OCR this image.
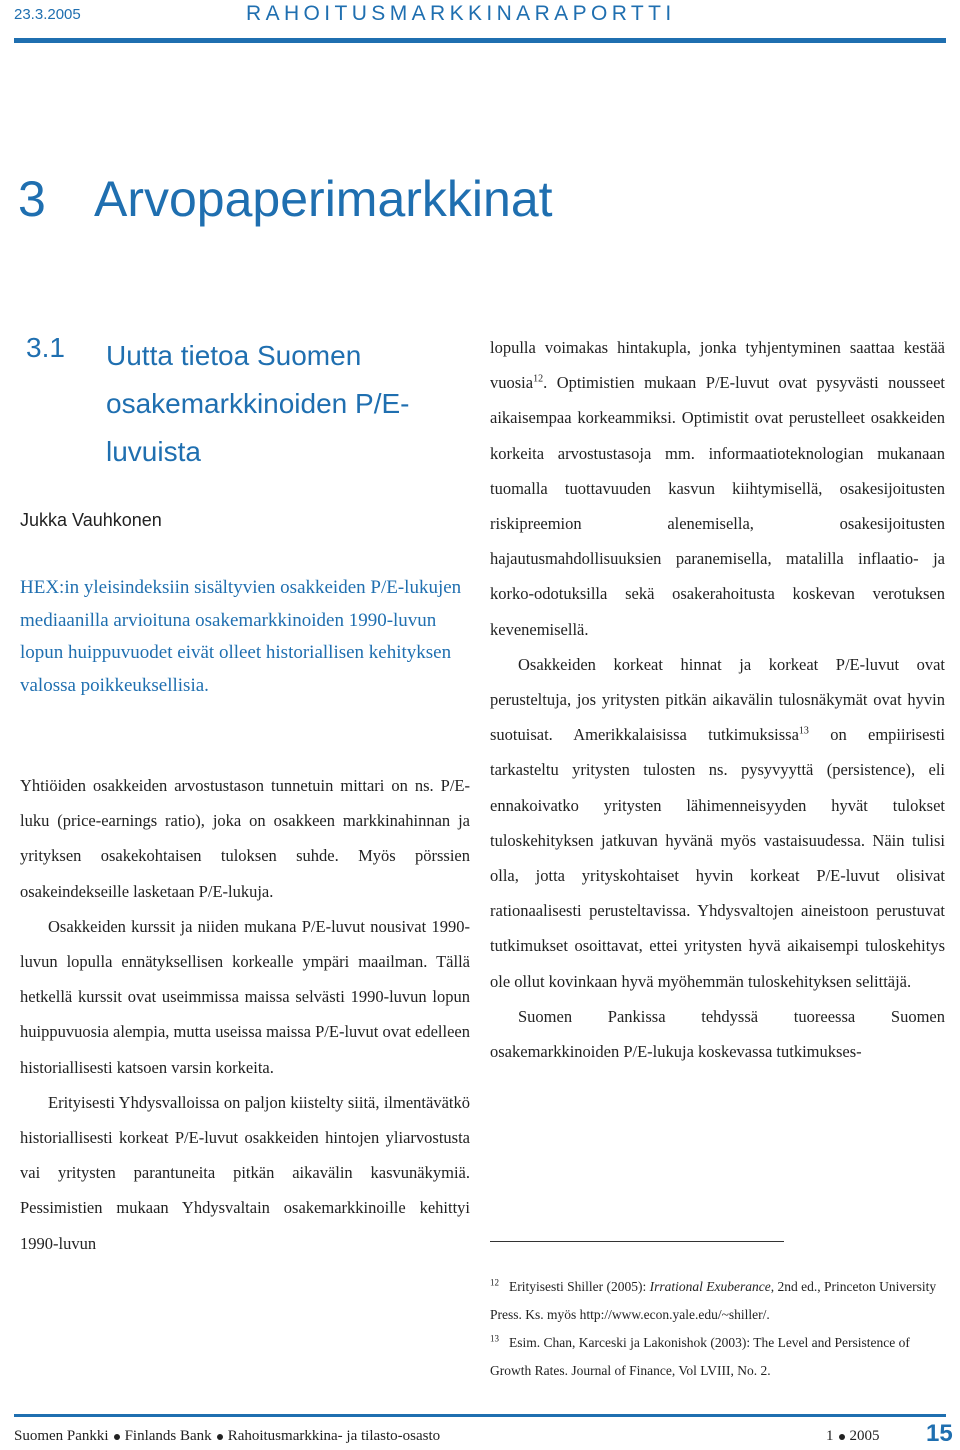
23.3.2005	RAHOITUSMARKKINARAPORTTI
3 Arvopaperimarkkinat
3.1 Uutta tietoa Suomen osakemarkkinoiden P/E-luvuista
Jukka Vauhkonen
HEX:in yleisindeksiin sisältyvien osakkeiden P/E-lukujen mediaanilla arvioituna osakemarkkinoiden 1990-luvun lopun huippuvuodet eivät olleet historiallisen kehityksen valossa poikkeuksellisia.

Yhtiöiden osakkeiden arvostustason tunnetuin mittari on ns. P/E-luku (price-earnings ratio), joka on osakkeen markkinahinnan ja yrityksen osakekohtaisen tuloksen suhde. Myös pörssien osakeindekseille lasketaan P/E-lukuja.

Osakkeiden kurssit ja niiden mukana P/E-luvut nousivat 1990-luvun lopulla ennätyksellisen korkealle ympäri maailman. Tällä hetkellä kurssit ovat useimmissa maissa selvästi 1990-luvun lopun huippuvuosia alempia, mutta useissa maissa P/E-luvut ovat edelleen historiallisesti katsoen varsin korkeita.

Erityisesti Yhdysvalloissa on paljon kiistelty siitä, ilmentävätkö historiallisesti korkeat P/E-luvut osakkeiden hintojen yliarvostusta vai yritysten parantuneita pitkän aikavälin kasvunäkymiä. Pessimistien mukaan Yhdysvaltain osakemarkkinoille kehittyi 1990-luvun

lopulla voimakas hintakupla, jonka tyhjentyminen saattaa kestää vuosia$^{12}$. Optimistien mukaan P/E-luvut ovat pysyvästi nousseet aikaisempaa korkeammiksi. Optimistit ovat perustelleet osakkeiden korkeita arvostustasoja mm. informaatioteknologian mukanaan tuomalla tuottavuuden kasvun kiihtymisellä, osakesijoitusten riskipreemion alenemisella, osakesijoitusten hajautusmahdollisuuksien paranemisella, matalilla inflaatio- ja korko-odotuksilla sekä osakerahoitusta koskevan verotuksen kevenemisellä.

Osakkeiden korkeat hinnat ja korkeat P/E-luvut ovat perusteltuja, jos yritysten pitkän aikavälin tulosnäkymät ovat hyvin suotuisat. Amerikkalaisissa tutkimuksissa$^{13}$ on empiirisesti tarkasteltu yritysten tulosten ns. pysyvyyttä (persistence), eli ennakoivatko yritysten lähimenneisyyden hyvät tulokset tuloskehityksen jatkuvan hyvänä myös vastaisuudessa. Näin tulisi olla, jotta yrityskohtaiset hyvin korkeat P/E-luvut olisivat rationaalisesti perusteltavissa. Yhdysvaltojen aineistoon perustuvat tutkimukset osoittavat, ettei yritysten hyvä aikaisempi tuloskehitys ole ollut kovinkaan hyvä myöhemmän tuloskehityksen selittäjä.

Suomen Pankissa tehdyssä tuoreessa Suomen osakemarkkinoiden P/E-lukuja koskevassa tutkimukses-

$^{12}$ Erityisesti Shiller (2005): Irrational Exuberance, 2nd ed., Princeton University Press. Ks. myös http://www.econ.yale.edu/~shiller/.

$^{13}$ Esim. Chan, Karceski ja Lakonishok (2003): The Level and Persistence of Growth Rates. Journal of Finance, Vol LVIII, No. 2.

Suomen Pankki Finlands Bank Rahoitusmarkkina- ja tilasto-osasto	1 2005 15
